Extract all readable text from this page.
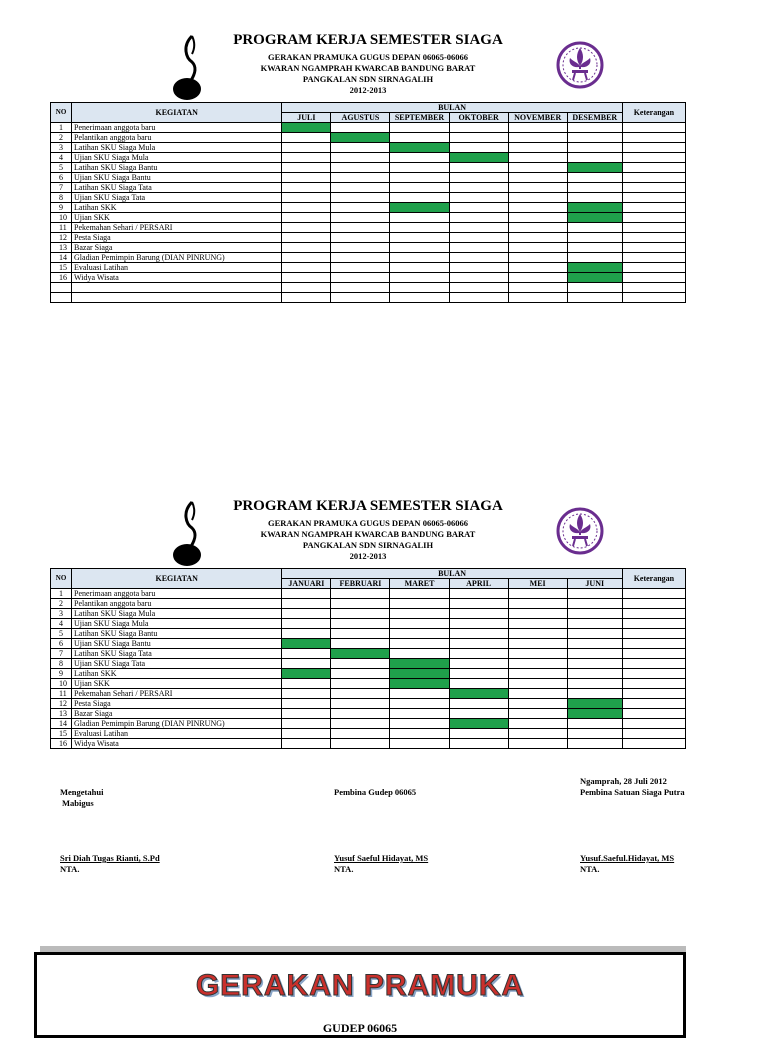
PROGRAM KERJA SEMESTER SIAGA
GERAKAN PRAMUKA GUGUS DEPAN 06065-06066
KWARAN NGAMPRAH KWARCAB BANDUNG BARAT
PANGKALAN SDN SIRNAGALIH
2012-2013
NO	KEGIATAN	BULAN						Keterangan
		JULI	AGUSTUS	SEPTEMBER	OKTOBER	NOVEMBER	DESEMBER	
1	Penerimaan anggota baru							
2	Pelantikan anggota baru							
3	Latihan SKU Siaga Mula							
4	Ujian SKU Siaga Mula							
5	Latihan SKU Siaga Bantu							
6	Ujian SKU Siaga Bantu							
7	Latihan SKU Siaga Tata							
8	Ujian SKU Siaga Tata							
9	Latihan SKK							
10	Ujian SKK							
11	Pekemahan Sehari / PERSARI							
12	Pesta Siaga							
13	Bazar Siaga							
14	Gladian Pemimpin Barung (DIAN PINRUNG)							
15	Evaluasi Latihan							
16	Widya Wisata							

PROGRAM KERJA SEMESTER SIAGA
GERAKAN PRAMUKA GUGUS DEPAN 06065-06066
KWARAN NGAMPRAH KWARCAB BANDUNG BARAT
PANGKALAN SDN SIRNAGALIH
2012-2013
NO	KEGIATAN	BULAN						Keterangan
		JANUARI	FEBRUARI	MARET	APRIL	MEI	JUNI	
1	Penerimaan anggota baru							
2	Pelantikan anggota baru							
3	Latihan SKU Siaga Mula							
4	Ujian SKU Siaga Mula							
5	Latihan SKU Siaga Bantu							
6	Ujian SKU Siaga Bantu							
7	Latihan SKU Siaga Tata							
8	Ujian SKU Siaga Tata							
9	Latihan SKK							
10	Ujian SKK							
11	Pekemahan Sehari / PERSARI							
12	Pesta Siaga							
13	Bazar Siaga							
14	Gladian Pemimpin Barung (DIAN PINRUNG)							
15	Evaluasi Latihan							
16	Widya Wisata							
Ngamprah, 28 Juli 2012
Mengetahui
Mabigus
Pembina Gudep 06065	Pembina Satuan Siaga Putra
Sri Diah Tugas Rianti, S.Pd
NTA.
Yusuf Saeful Hidayat, MS
NTA.
Yusuf.Saeful.Hidayat, MS
NTA.
GERAKAN PRAMUKA
GUDEP 06065
